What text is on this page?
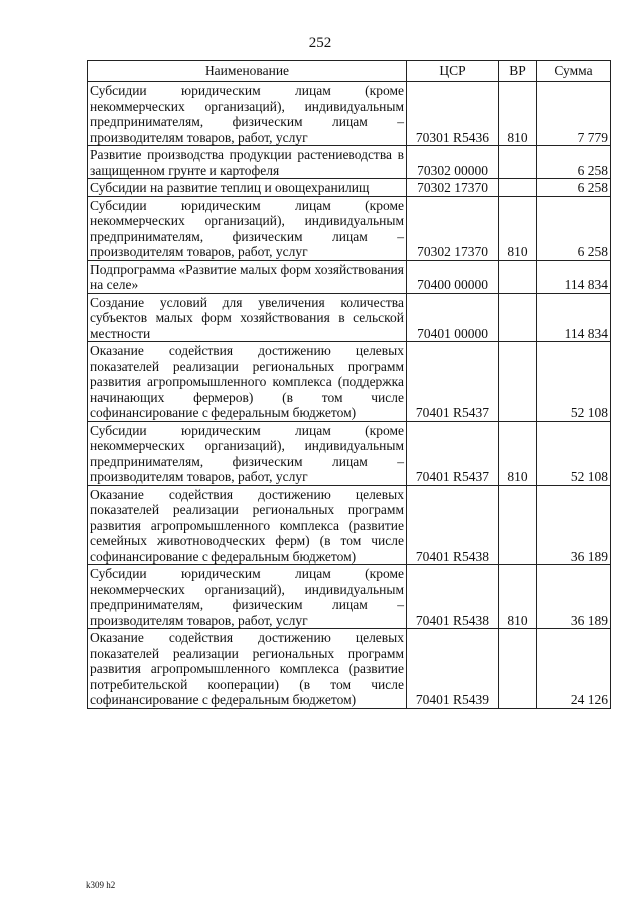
252
Наименование	ЦСР	ВР	Сумма
Субсидии юридическим лицам (кроме некоммерческих организаций), индивидуальным предпринимателям, физическим лицам – производителям товаров, работ, услуг	70301 R5436	810	7 779
Развитие производства продукции растениеводства в защищенном грунте и картофеля	70302 00000		6 258
Субсидии на развитие теплиц и овощехранилищ	70302 17370		6 258
Субсидии юридическим лицам (кроме некоммерческих организаций), индивидуальным предпринимателям, физическим лицам – производителям товаров, работ, услуг	70302 17370	810	6 258
Подпрограмма «Развитие малых форм хозяйствования на селе»	70400 00000		114 834
Создание условий для увеличения количества субъектов малых форм хозяйствования в сельской местности	70401 00000		114 834
Оказание содействия достижению целевых показателей реализации региональных программ развития агропромышленного комплекса (поддержка начинающих фермеров) (в том числе софинансирование с федеральным бюджетом)	70401 R5437		52 108
Субсидии юридическим лицам (кроме некоммерческих организаций), индивидуальным предпринимателям, физическим лицам – производителям товаров, работ, услуг	70401 R5437	810	52 108
Оказание содействия достижению целевых показателей реализации региональных программ развития агропромышленного комплекса (развитие семейных животноводческих ферм) (в том числе софинансирование с федеральным бюджетом)	70401 R5438		36 189
Субсидии юридическим лицам (кроме некоммерческих организаций), индивидуальным предпринимателям, физическим лицам – производителям товаров, работ, услуг	70401 R5438	810	36 189
Оказание содействия достижению целевых показателей реализации региональных программ развития агропромышленного комплекса (развитие потребительской кооперации) (в том числе софинансирование с федеральным бюджетом)	70401 R5439		24 126
k309 h2
